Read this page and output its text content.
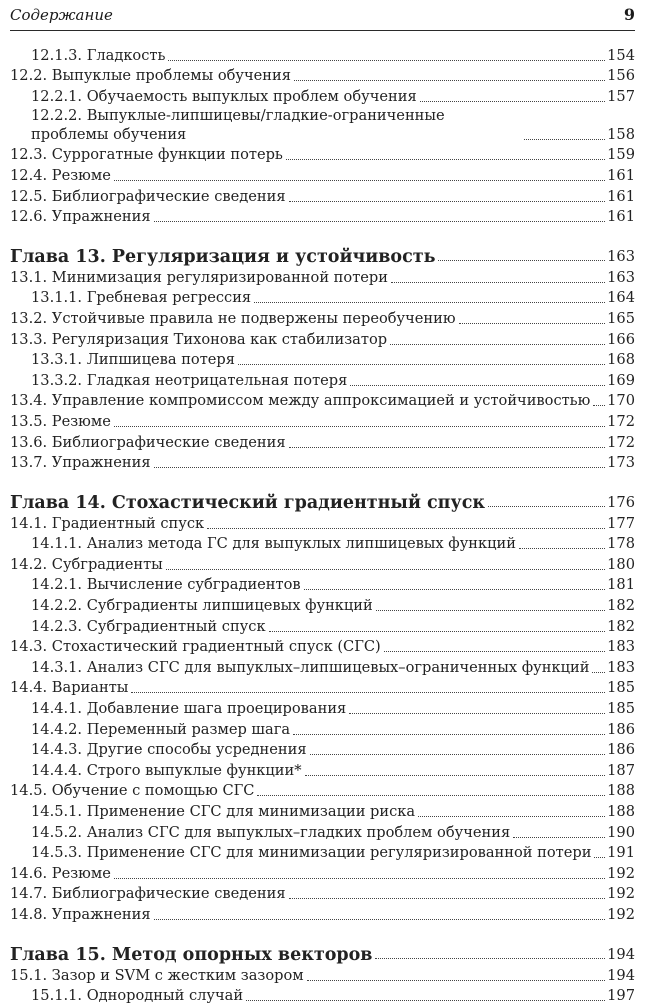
Содержание	9
12.1.3. Гладкость	154
12.2. Выпуклые проблемы обучения	156
12.2.1. Обучаемость выпуклых проблем обучения	157
12.2.2. Выпуклые-липшицевы/гладкие-ограниченные проблемы обучения	158
12.3. Суррогатные функции потерь	159
12.4. Резюме	161
12.5. Библиографические сведения	161
12.6. Упражнения	161
Глава 13. Регуляризация и устойчивость	163
13.1. Минимизация регуляризированной потери	163
13.1.1. Гребневая регрессия	164
13.2. Устойчивые правила не подвержены переобучению	165
13.3. Регуляризация Тихонова как стабилизатор	166
13.3.1. Липшицева потеря	168
13.3.2. Гладкая неотрицательная потеря	169
13.4. Управление компромиссом между аппроксимацией и устойчивостью 170
13.5. Резюме	172
13.6. Библиографические сведения	172
13.7. Упражнения	173
Глава 14. Стохастический градиентный спуск	176
14.1. Градиентный спуск	177
14.1.1. Анализ метода ГС для выпуклых липшицевых функций	178
14.2. Субградиенты	180
14.2.1. Вычисление субградиентов	181
14.2.2. Субградиенты липшицевых функций	182
14.2.3. Субградиентный спуск	182
14.3. Стохастический градиентный спуск (СГС)	183
14.3.1. Анализ СГС для выпуклых–липшицевых–ограниченных функций 183
14.4. Варианты	185
14.4.1. Добавление шага проецирования	185
14.4.2. Переменный размер шага	186
14.4.3. Другие способы усреднения	186
14.4.4. Строго выпуклые функции*	187
14.5. Обучение с помощью СГС	188
14.5.1. Применение СГС для минимизации риска	188
14.5.2. Анализ СГС для выпуклых–гладких проблем обучения	190
14.5.3. Применение СГС для минимизации регуляризированной потери 191
14.6. Резюме	192
14.7. Библиографические сведения	192
14.8. Упражнения	192
Глава 15. Метод опорных векторов	194
15.1. Зазор и SVM с жестким зазором	194
15.1.1. Однородный случай	197
